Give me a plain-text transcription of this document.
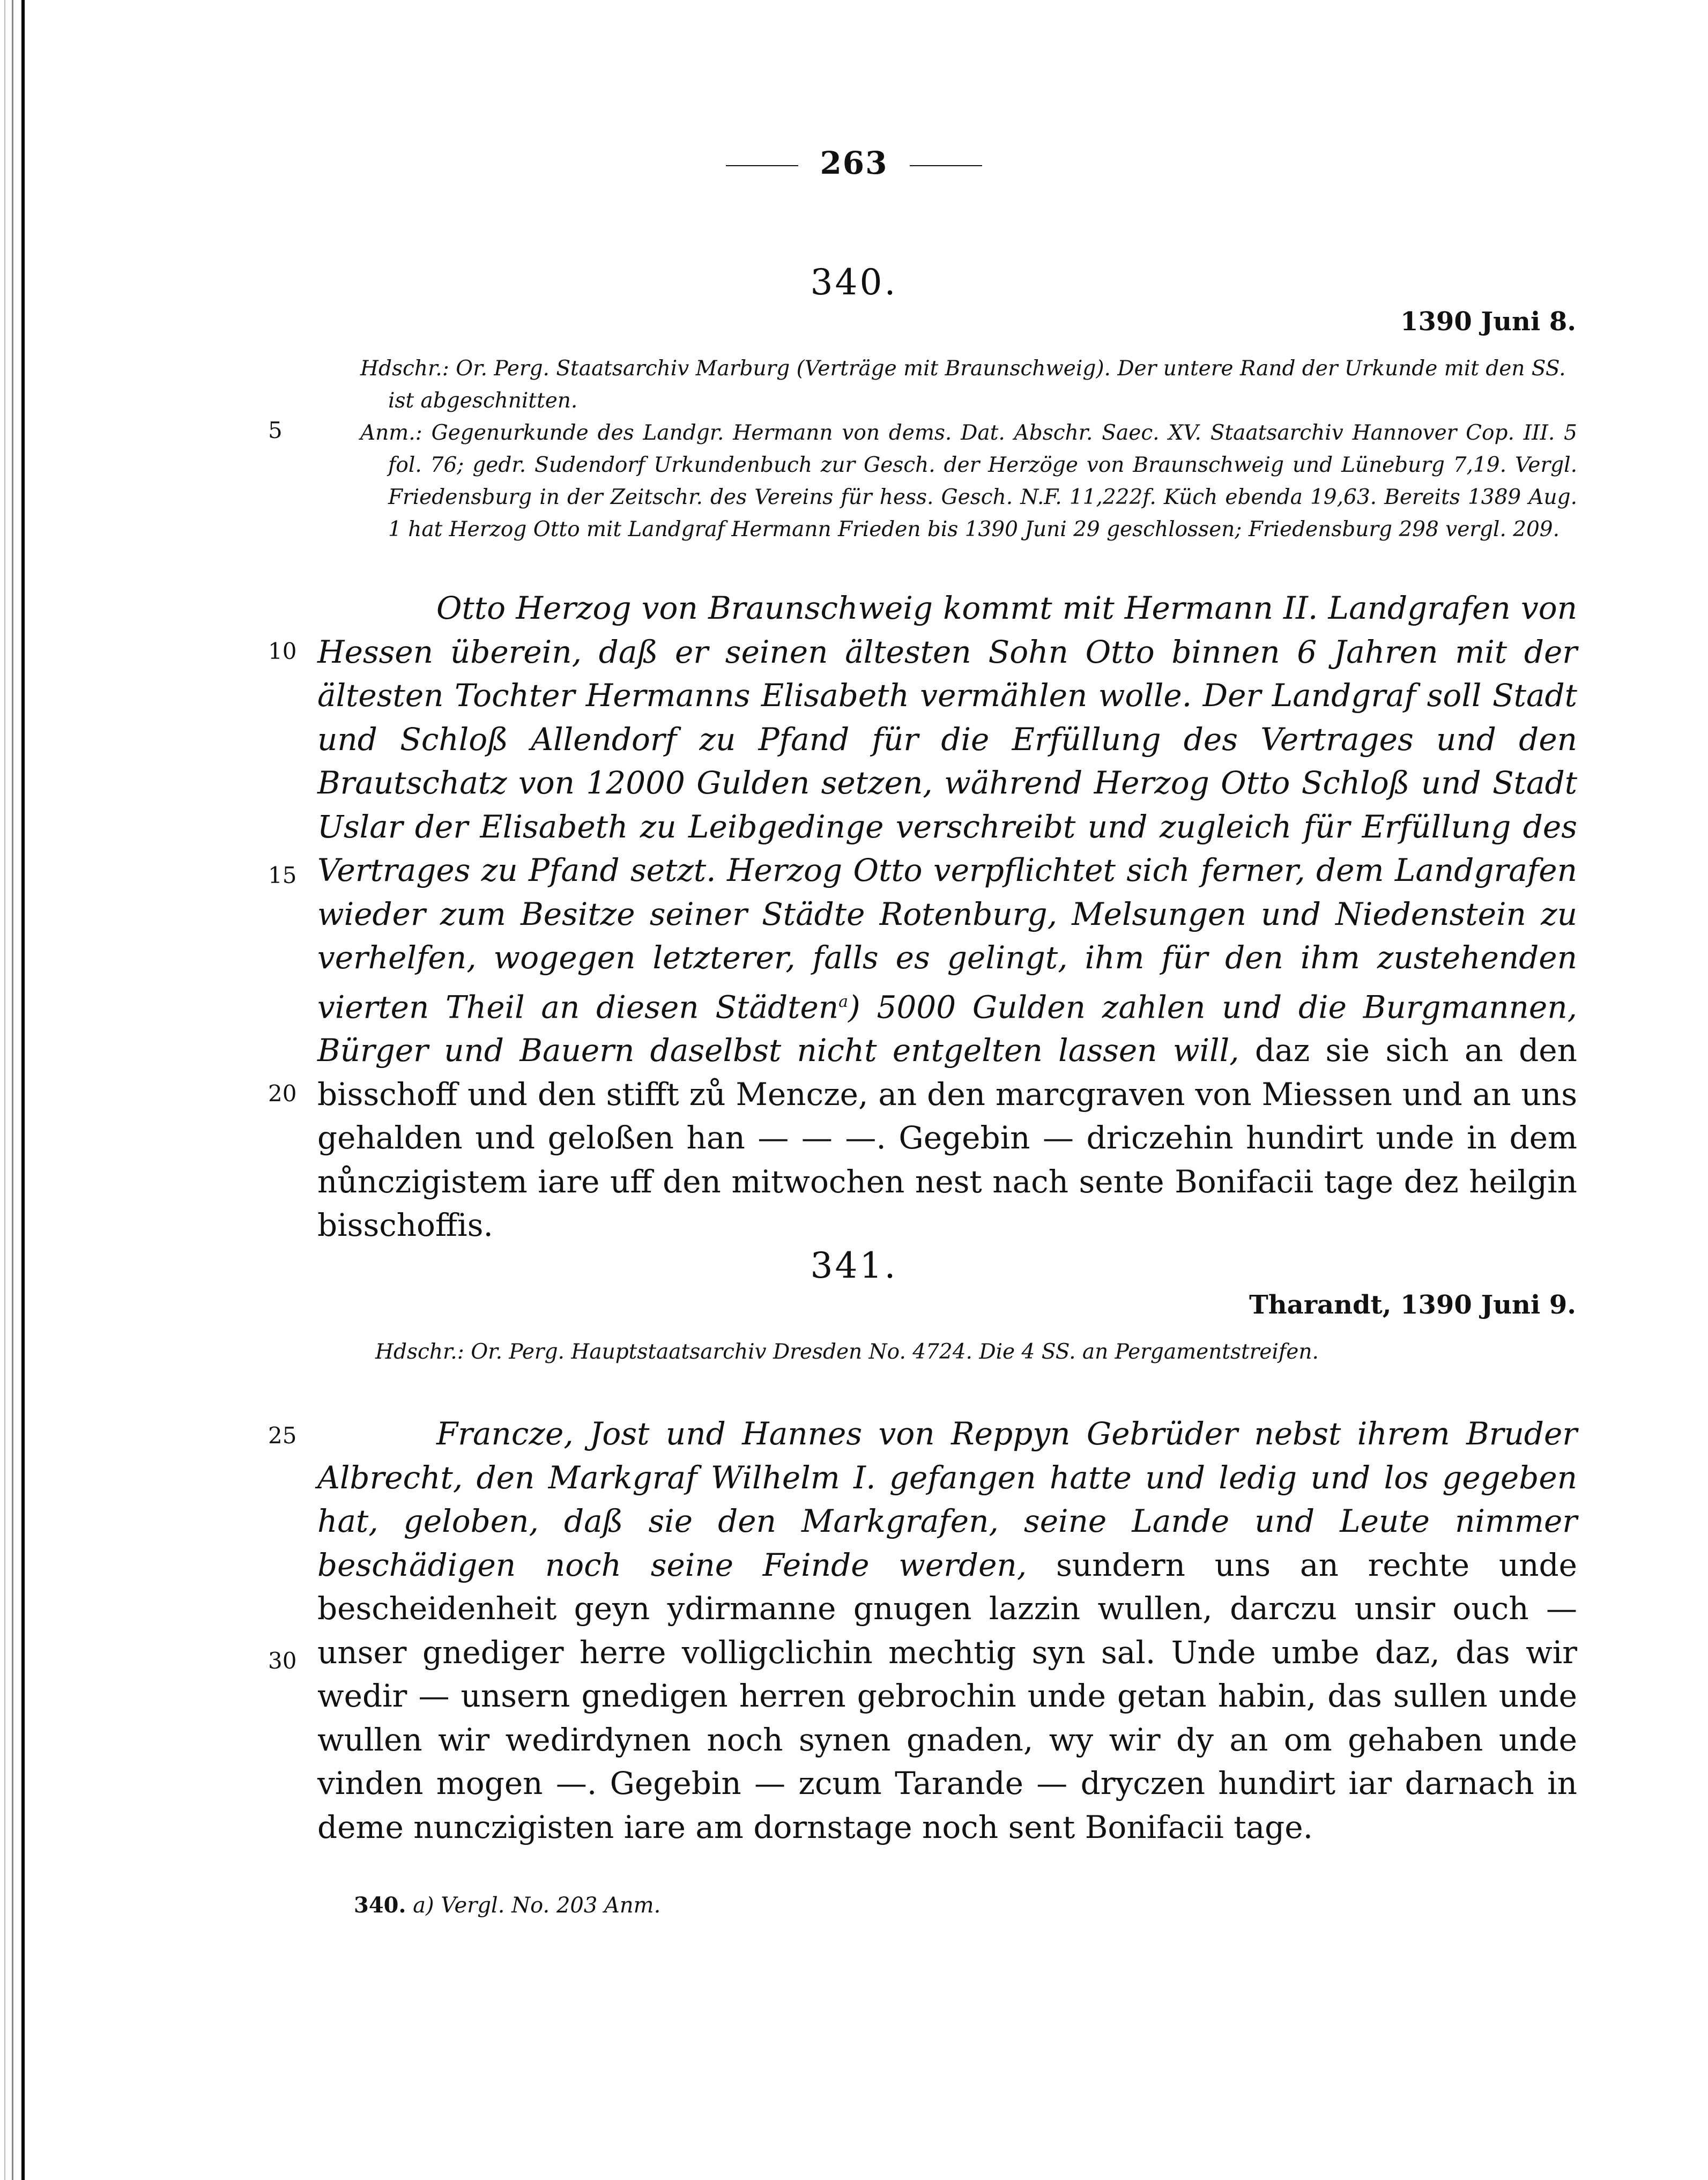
263
340.
1390 Juni 8.
Hdschr.: Or. Perg. Staatsarchiv Marburg (Verträge mit Braunschweig). Der untere Rand der Urkunde mit den SS.
ist abgeschnitten.
Anm.: Gegenurkunde des Landgr. Hermann von dems. Dat. Abschr. Saec. XV. Staatsarchiv Hannover Cop. III. 5 fol. 76; gedr. Sudendorf Urkundenbuch zur Gesch. der Herzöge von Braunschweig und Lüneburg 7,19. Vergl. Friedensburg in der Zeitschr. des Vereins für hess. Gesch. N.F. 11,222f. Küch ebenda 19,63. Bereits 1389 Aug. 1 hat Herzog Otto mit Landgraf Hermann Frieden bis 1390 Juni 29 geschlossen; Friedensburg 298 vergl. 209.
5
Otto Herzog von Braunschweig kommt mit Hermann II. Landgrafen von Hessen überein, daß er seinen ältesten Sohn Otto binnen 6 Jahren mit der ältesten Tochter Hermanns Elisabeth vermählen wolle. Der Landgraf soll Stadt und Schloß Allendorf zu Pfand für die Erfüllung des Vertrages und den Brautschatz von 12000 Gulden setzen, während Herzog Otto Schloß und Stadt Uslar der Elisabeth zu Leibgedinge verschreibt und zugleich für Erfüllung des Vertrages zu Pfand setzt. Herzog Otto verpflichtet sich ferner, dem Landgrafen wieder zum Besitze seiner Städte Rotenburg, Melsungen und Niedenstein zu verhelfen, wogegen letzterer, falls es gelingt, ihm für den ihm zustehenden vierten Theil an diesen Städten$^a$) 5000 Gulden zahlen und die Burgmannen, Bürger und Bauern daselbst nicht entgelten lassen will, daz sie sich an den bisschoff und den stifft zů Mencze, an den marcgraven von Miessen und an uns gehalden und geloßen han — — —. Gegebin — driczehin hundirt unde in dem nůnczigistem iare uff den mitwochen nest nach sente Bonifacii tage dez heilgin bisschoffis.
10
15
20
341.
Tharandt, 1390 Juni 9.
Hdschr.: Or. Perg. Hauptstaatsarchiv Dresden No. 4724. Die 4 SS. an Pergamentstreifen.
25	Francze, Jost und Hannes von Reppyn Gebrüder nebst ihrem Bruder Albrecht, den Markgraf Wilhelm I. gefangen hatte und ledig und los gegeben hat, geloben, daß sie den Markgrafen, seine Lande und Leute nimmer beschädigen noch seine Feinde werden, sundern uns an rechte unde bescheidenheit geyn ydirmanne gnugen lazzin wullen, darczu unsir ouch — unser gnediger herre volligclichin mechtig syn sal. Unde umbe daz, das wir wedir — unsern gnedigen herren gebrochin unde getan habin, das sullen unde wullen wir wedirdynen noch synen gnaden, wy wir dy an om gehaben unde vinden mogen —. Gegebin — zcum Tarande — dryczen hundirt iar darnach in deme nunczigisten iare am dornstage noch sent Bonifacii tage.
30
340. a) Vergl. No. 203 Anm.
